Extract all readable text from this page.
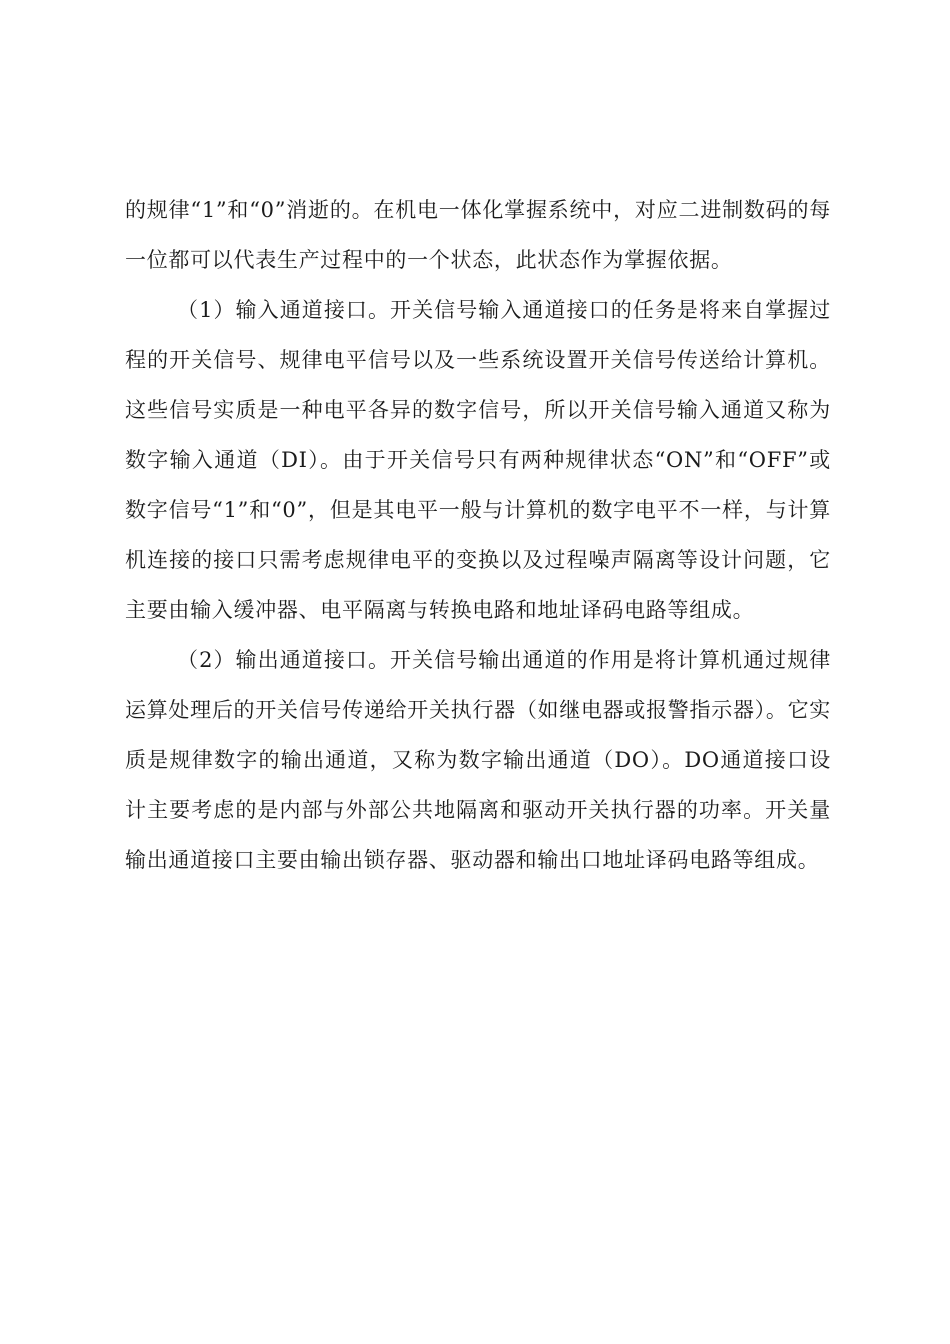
的规律“1”和“0”消逝的。在机电一体化掌握系统中，对应二进制数码的每一位都可以代表生产过程中的一个状态，此状态作为掌握依据。

（1）输入通道接口。开关信号输入通道接口的任务是将来自掌握过程的开关信号、规律电平信号以及一些系统设置开关信号传送给计算机。这些信号实质是一种电平各异的数字信号，所以开关信号输入通道又称为数字输入通道（DI）。由于开关信号只有两种规律状态“ON”和“OFF”或数字信号“1”和“0”，但是其电平一般与计算机的数字电平不一样，与计算机连接的接口只需考虑规律电平的变换以及过程噪声隔离等设计问题，它主要由输入缓冲器、电平隔离与转换电路和地址译码电路等组成。

（2）输出通道接口。开关信号输出通道的作用是将计算机通过规律运算处理后的开关信号传递给开关执行器（如继电器或报警指示器）。它实质是规律数字的输出通道，又称为数字输出通道（DO）。DO通道接口设计主要考虑的是内部与外部公共地隔离和驱动开关执行器的功率。开关量输出通道接口主要由输出锁存器、驱动器和输出口地址译码电路等组成。
